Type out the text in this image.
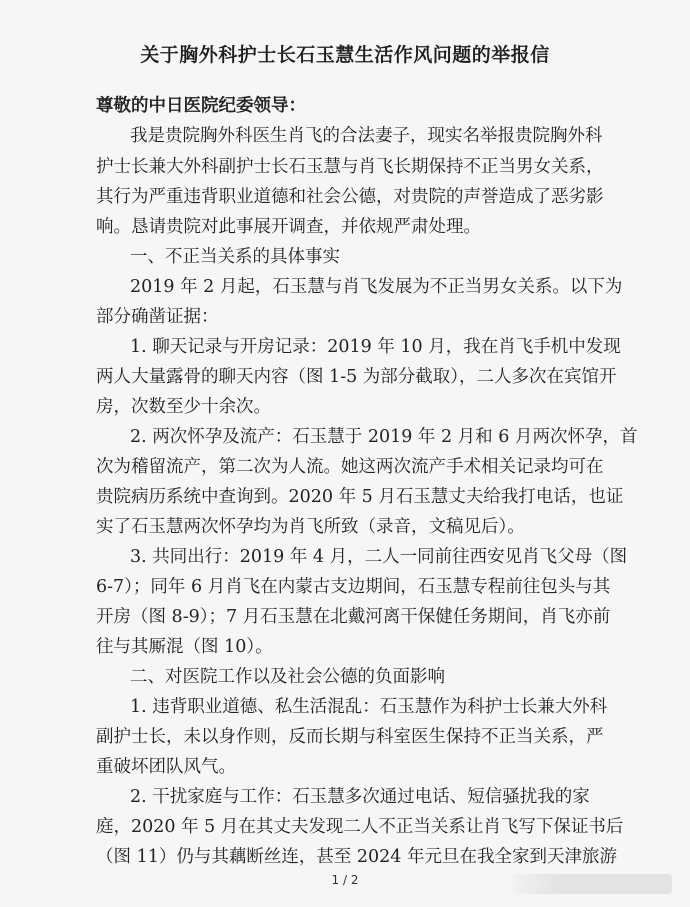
关于胸外科护士长石玉慧生活作风问题的举报信
尊敬的中日医院纪委领导：
我是贵院胸外科医生肖飞的合法妻子，现实名举报贵院胸外科
护士长兼大外科副护士长石玉慧与肖飞长期保持不正当男女关系，
其行为严重违背职业道德和社会公德，对贵院的声誉造成了恶劣影
响。恳请贵院对此事展开调查，并依规严肃处理。
一、不正当关系的具体事实
2019 年 2 月起，石玉慧与肖飞发展为不正当男女关系。以下为
部分确凿证据：
1. 聊天记录与开房记录：2019 年 10 月，我在肖飞手机中发现
两人大量露骨的聊天内容（图 1-5 为部分截取），二人多次在宾馆开
房，次数至少十余次。
2. 两次怀孕及流产：石玉慧于 2019 年 2 月和 6 月两次怀孕，首
次为稽留流产，第二次为人流。她这两次流产手术相关记录均可在
贵院病历系统中查询到。2020 年 5 月石玉慧丈夫给我打电话，也证
实了石玉慧两次怀孕均为肖飞所致（录音，文稿见后）。
3. 共同出行：2019 年 4 月，二人一同前往西安见肖飞父母（图
6-7）；同年 6 月肖飞在内蒙古支边期间，石玉慧专程前往包头与其
开房（图 8-9）；7 月石玉慧在北戴河离干保健任务期间，肖飞亦前
往与其厮混（图 10）。
二、对医院工作以及社会公德的负面影响
1. 违背职业道德、私生活混乱：石玉慧作为科护士长兼大外科
副护士长，未以身作则，反而长期与科室医生保持不正当关系，严
重破坏团队风气。
2. 干扰家庭与工作：石玉慧多次通过电话、短信骚扰我的家
庭，2020 年 5 月在其丈夫发现二人不正当关系让肖飞写下保证书后
（图 11）仍与其藕断丝连，甚至 2024 年元旦在我全家到天津旅游
1 / 2
